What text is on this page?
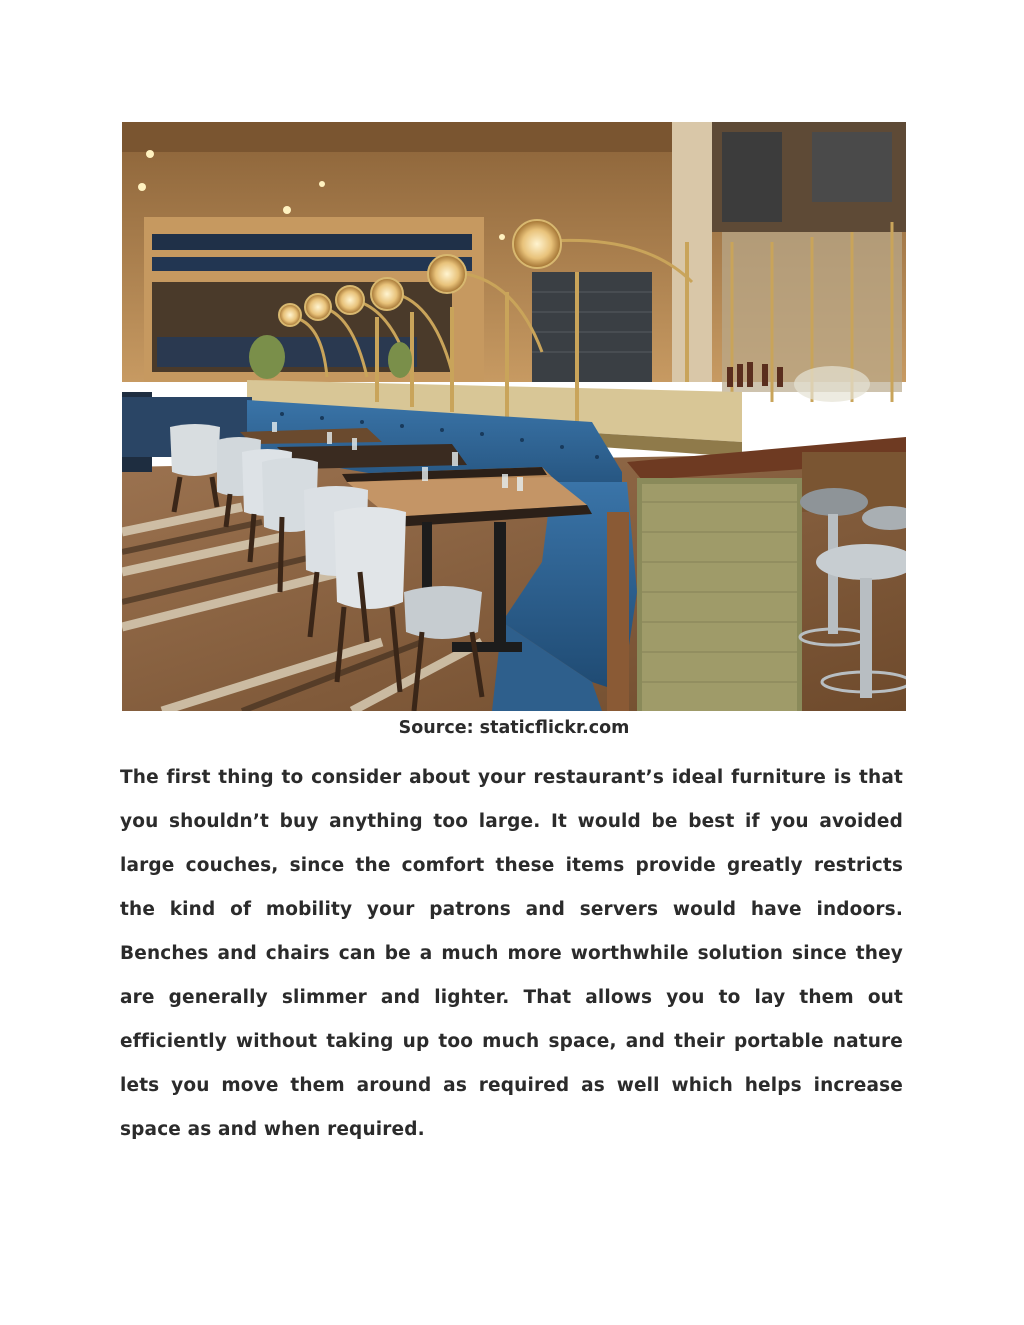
Source: staticflickr.com

The first thing to consider about your restaurant’s ideal furniture is that you shouldn’t buy anything too large. It would be best if you avoided large couches, since the comfort these items provide greatly restricts the kind of mobility your patrons and servers would have indoors. Benches and chairs can be a much more worthwhile solution since they are generally slimmer and lighter. That allows you to lay them out efficiently without taking up too much space, and their portable nature lets you move them around as required as well which helps increase space as and when required.
